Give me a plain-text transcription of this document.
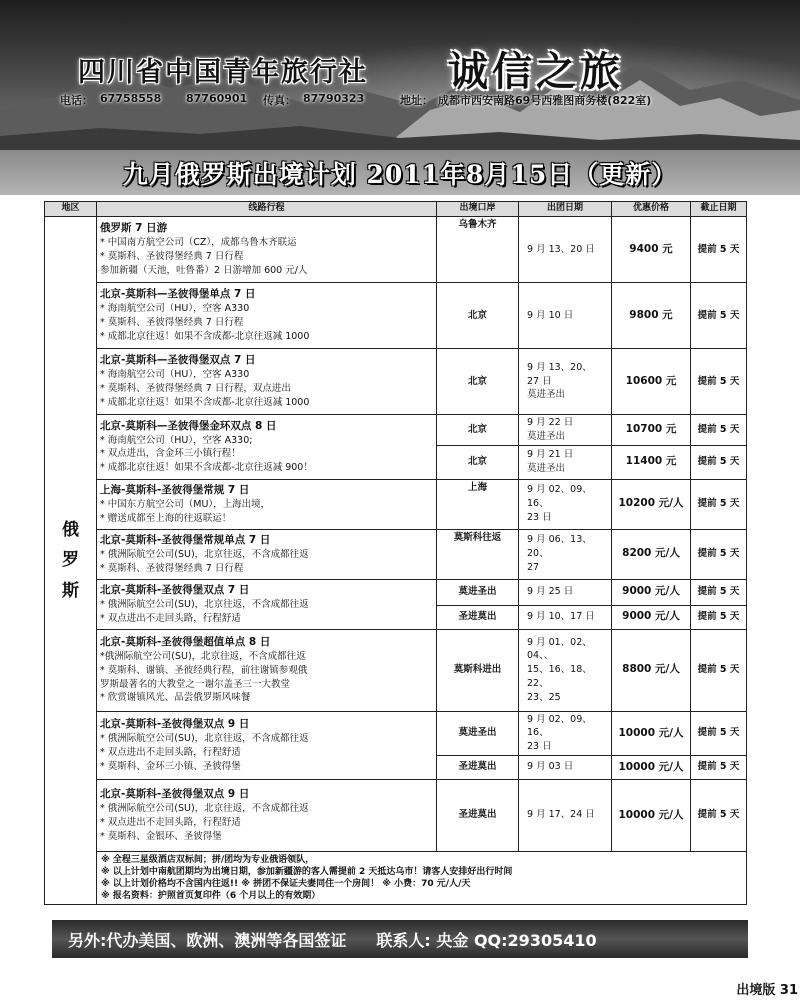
四川省中国青年旅行社 诚信之旅
电话： 67758558 87760901 传真： 87790323	地址： 成都市西安南路69号西雅图商务楼(822室)
九月俄罗斯出境计划 2011年8月15日（更新）
地区	线路行程	出境口岸	出团日期	优惠价格	截止日期
俄罗斯	俄罗斯 7 日游
* 中国南方航空公司（CZ），成都乌鲁木齐联运
* 莫斯科、圣彼得堡经典 7 日行程
参加新疆（天池，吐鲁番）2 日游增加 600 元/人	乌鲁木齐	9 月 13、20 日	9400 元	提前 5 天

	北京-莫斯科—圣彼得堡单点 7 日
* 海南航空公司（HU），空客 A330
* 莫斯科、圣彼得堡经典 7 日行程
* 成都北京往返！如果不含成都-北京往返减 1000	北京	9 月 10 日	9800 元	提前 5 天

	北京-莫斯科—圣彼得堡双点 7 日
* 海南航空公司（HU），空客 A330
* 莫斯科、圣彼得堡经典 7 日行程，双点进出
* 成都北京往返！如果不含成都-北京往返减 1000	北京	9 月 13、20、
27 日
莫进圣出	10600 元	提前 5 天

	北京-莫斯科—圣彼得堡金环双点 8 日
* 海南航空公司（HU），空客 A330;
* 双点进出，含金环三小镇行程！
* 成都北京往返！如果不含成都-北京往返减 900！	北京	9 月 22 日
莫进圣出	10700 元	提前 5 天
		北京	9 月 21 日
莫进圣出	11400 元	提前 5 天

	上海-莫斯科-圣彼得堡常规 7 日
* 中国东方航空公司（MU），上海出境，
* 赠送成都至上海的往返联运！	上海	9 月 02、09、16、
23 日	10200 元/人	提前 5 天

	北京-莫斯科-圣彼得堡常规单点 7 日
* 俄洲际航空公司(SU)，北京往返，不含成都往返
* 莫斯科、圣彼得堡经典 7 日行程	莫斯科往返	9 月 06、13、20、
27	8200 元/人	提前 5 天

	北京-莫斯科-圣彼得堡双点 7 日
* 俄洲际航空公司(SU)，北京往返，不含成都往返
* 双点进出不走回头路，行程舒适	莫进圣出	9 月 25 日	9000 元/人	提前 5 天
		圣进莫出	9 月 10、17 日	9000 元/人	提前 5 天

	北京-莫斯科-圣彼得堡超值单点 8 日
*俄洲际航空公司(SU)，北京往返，不含成都往返
* 莫斯科、谢镇、圣彼经典行程，前往谢镇参观俄
罗斯最著名的大教堂之一谢尔盖圣三一大教堂
* 欣赏谢镇风光、品尝俄罗斯风味餐	莫斯科进出	9 月 01、02、04、、
15、16、18、22、
23、25	8800 元/人	提前 5 天

	北京-莫斯科-圣彼得堡双点 9 日
* 俄洲际航空公司(SU)，北京往返，不含成都往返
* 双点进出不走回头路，行程舒适
* 莫斯科、金环三小镇、圣彼得堡	莫进圣出	9 月 02、09、16、
23 日	10000 元/人	提前 5 天
		圣进莫出	9 月 03 日	10000 元/人	提前 5 天

	北京-莫斯科-圣彼得堡双点 9 日
* 俄洲际航空公司(SU)，北京往返，不含成都往返
* 双点进出不走回头路，行程舒适
* 莫斯科、金银环、圣彼得堡	圣进莫出	9 月 17、24 日	10000 元/人	提前 5 天

	※ 全程三星级酒店双标间；拼/团均为专业俄语领队，
※ 以上计划中南航团期均为出境日期，参加新疆游的客人需提前 2 天抵达乌市！请客人安排好出行时间
※ 以上计划价格均不含国内往返!! ※ 拼团不保证夫妻同住一个房间！ ※ 小费：70 元/人/天
※ 报名资料：护照首页复印件（6 个月以上的有效期）				
另外:代办美国、欧洲、澳洲等各国签证 联系人: 央金 QQ:29305410
出境版 31
